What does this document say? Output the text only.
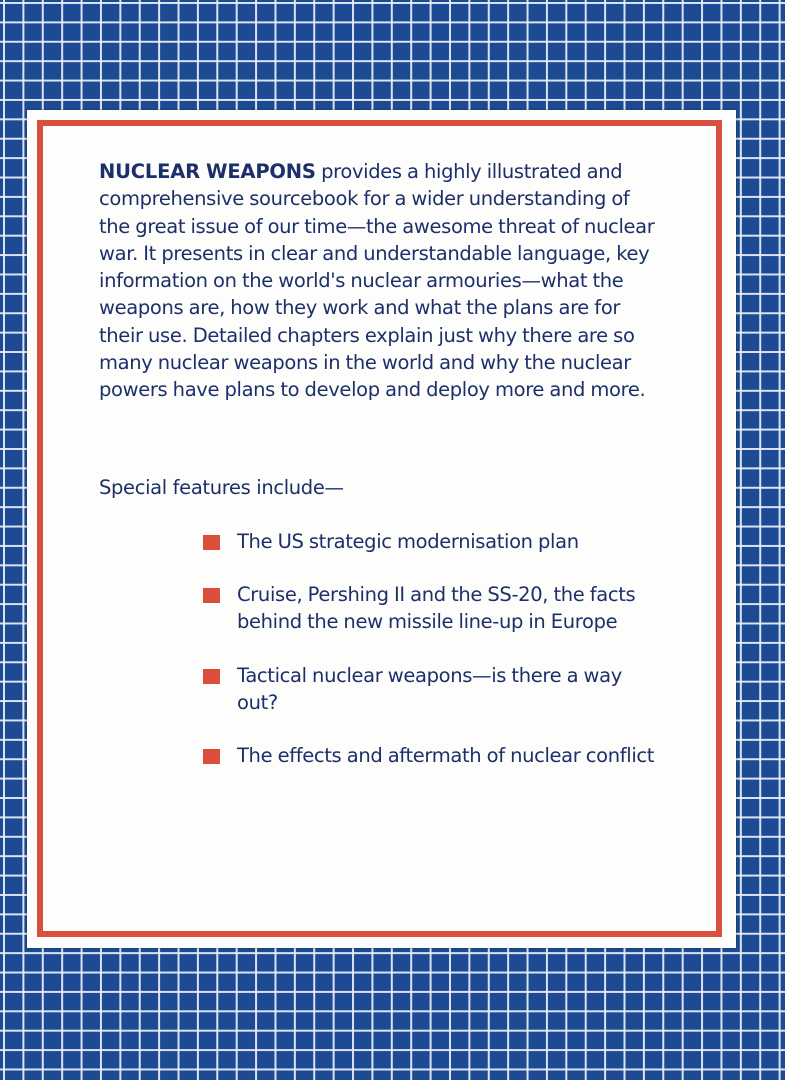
NUCLEAR WEAPONS provides a highly illustrated and comprehensive sourcebook for a wider understanding of the great issue of our time—the awesome threat of nuclear war. It presents in clear and understandable language, key information on the world's nuclear armouries—what the weapons are, how they work and what the plans are for their use. Detailed chapters explain just why there are so many nuclear weapons in the world and why the nuclear powers have plans to develop and deploy more and more.

Special features include—

The US strategic modernisation plan
Cruise, Pershing II and the SS-20, the facts behind the new missile line-up in Europe
Tactical nuclear weapons—is there a way out?
The effects and aftermath of nuclear conflict
